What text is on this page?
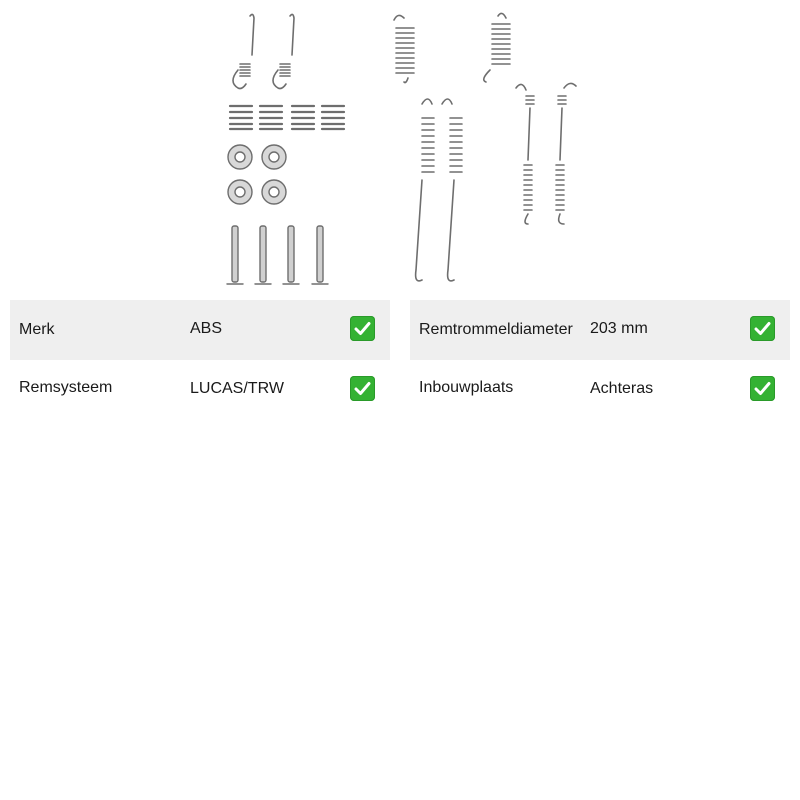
Merk	ABS
Remsysteem	LUCAS/TRW
Remtrommeldiameter 203 mm
Inbouwplaats	Achteras
